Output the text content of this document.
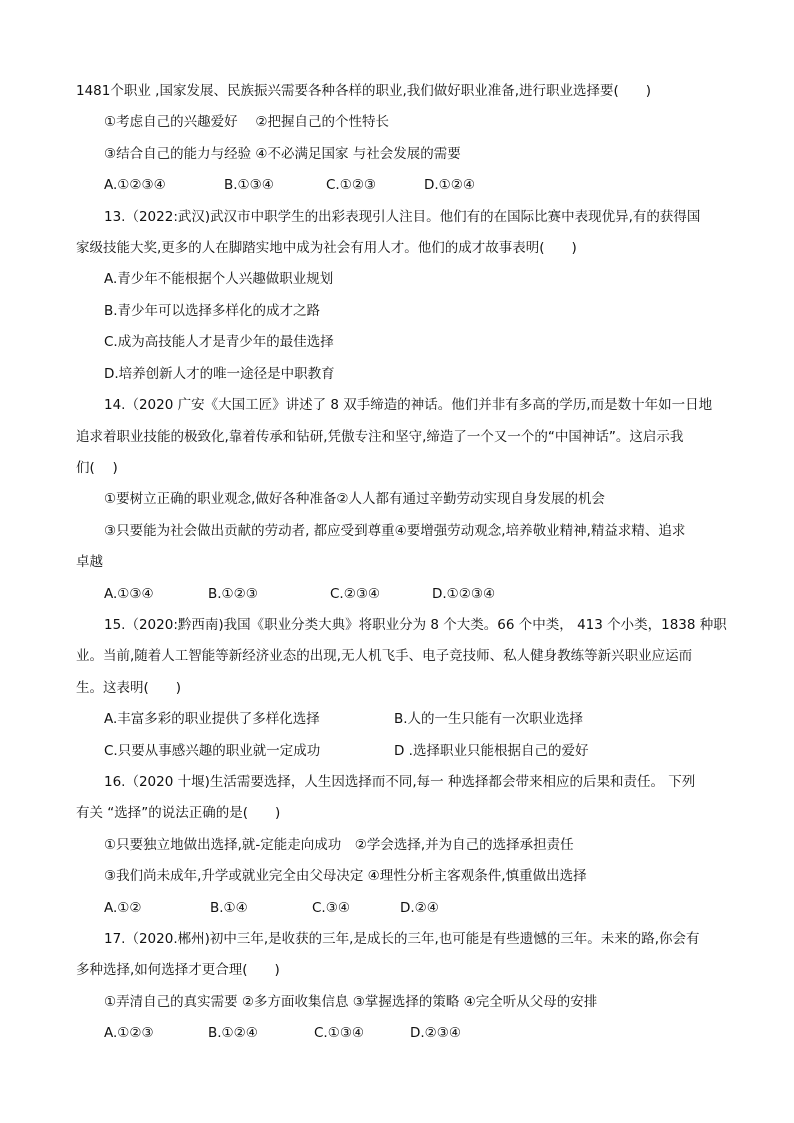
1481个职业 ,国家发展、民族振兴需要各种各样的职业,我们做好职业准备,进行职业选择要(　　)
①考虑自己的兴趣爱好　 ②把握自己的个性特长
③结合自己的能力与经验 ④不必满足国家 与社会发展的需要
A.①②③④	B.①③④	C.①②③	D.①②④
13.（2022:武汉)武汉市中职学生的出彩表现引人注目。他们有的在国际比赛中表现优异,有的获得国
家级技能大奖,更多的人在脚踏实地中成为社会有用人才。他们的成才故事表明(　　)
A.青少年不能根据个人兴趣做职业规划
B.青少年可以选择多样化的成才之路
C.成为高技能人才是青少年的最佳选择
D.培养创新人才的唯一途径是中职教育
14.（2020 广安《大国工匠》讲述了 8 双手缔造的神话。他们并非有多高的学历,而是数十年如一日地
追求着职业技能的极致化,靠着传承和钻研,凭傲专注和坚守,缔造了一个又一个的“中国神话”。这启示我
们(　 )
①要树立正确的职业观念,做好各种准备②人人都有通过辛勤劳动实现自身发展的机会
③只要能为社会做出贡献的劳动者, 都应受到尊重④要增强劳动观念,培养敬业精神,精益求精、追求
卓越
A.①③④	B.①②③	C.②③④	D.①②③④
15.（2020:黔西南)我国《职业分类大典》将职业分为 8 个大类。66 个中类， 413 个小类，1838 种职
业。当前,随着人工智能等新经济业态的出现,无人机飞手、电子竞技师、私人健身教练等新兴职业应运而
生。这表明(　　)
A.丰富多彩的职业提供了多样化选择	B.人的一生只能有一次职业选择
C.只要从事感兴趣的职业就一定成功	D .选择职业只能根据自己的爱好
16.（2020 十堰)生活需要选择，人生因选择而不同,每一 种选择都会带来相应的后果和责任。 下列
有关 “选择”的说法正确的是(　　)
①只要独立地做出选择,就-定能走向成功　②学会选择,并为自己的选择承担责任
③我们尚未成年,升学或就业完全由父母决定 ④理性分析主客观条件,慎重做出选择
A.①②	B.①④	C.③④	D.②④
17.（2020.郴州)初中三年,是收获的三年,是成长的三年,也可能是有些遗憾的三年。未来的路,你会有
多种选择,如何选择才更合理(　　)
①弄清自己的真实需要 ②多方面收集信息 ③掌握选择的策略 ④完全听从父母的安排
A.①②③	B.①②④	C.①③④	D.②③④
